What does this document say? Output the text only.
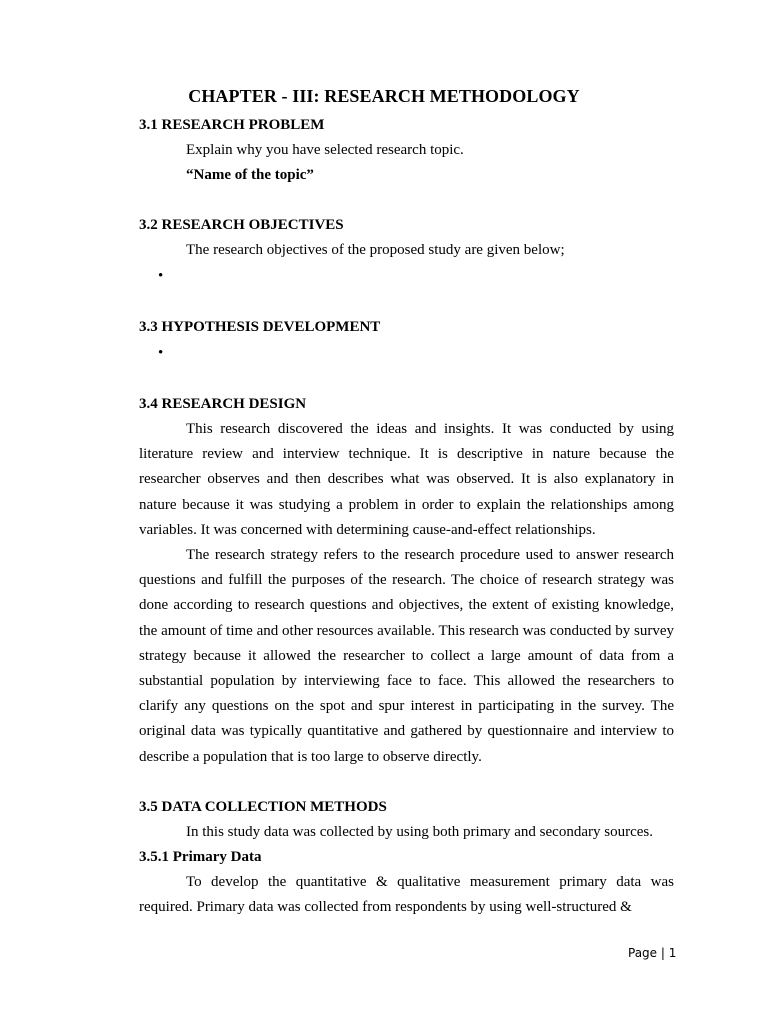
CHAPTER - III: RESEARCH METHODOLOGY
3.1 RESEARCH PROBLEM
Explain why you have selected research topic.
“Name of the topic”
3.2 RESEARCH OBJECTIVES
The research objectives of the proposed study are given below;
•
3.3 HYPOTHESIS DEVELOPMENT
•
3.4 RESEARCH DESIGN

This research discovered the ideas and insights. It was conducted by using literature review and interview technique. It is descriptive in nature because the researcher observes and then describes what was observed. It is also explanatory in nature because it was studying a problem in order to explain the relationships among variables. It was concerned with determining cause-and-effect relationships.

The research strategy refers to the research procedure used to answer research questions and fulfill the purposes of the research. The choice of research strategy was done according to research questions and objectives, the extent of existing knowledge, the amount of time and other resources available. This research was conducted by survey strategy because it allowed the researcher to collect a large amount of data from a substantial population by interviewing face to face. This allowed the researchers to clarify any questions on the spot and spur interest in participating in the survey. The original data was typically quantitative and gathered by questionnaire and interview to describe a population that is too large to observe directly.

3.5 DATA COLLECTION METHODS
In this study data was collected by using both primary and secondary sources.
3.5.1 Primary Data

To develop the quantitative & qualitative measurement primary data was required. Primary data was collected from respondents by using well-structured &

Page | 1
